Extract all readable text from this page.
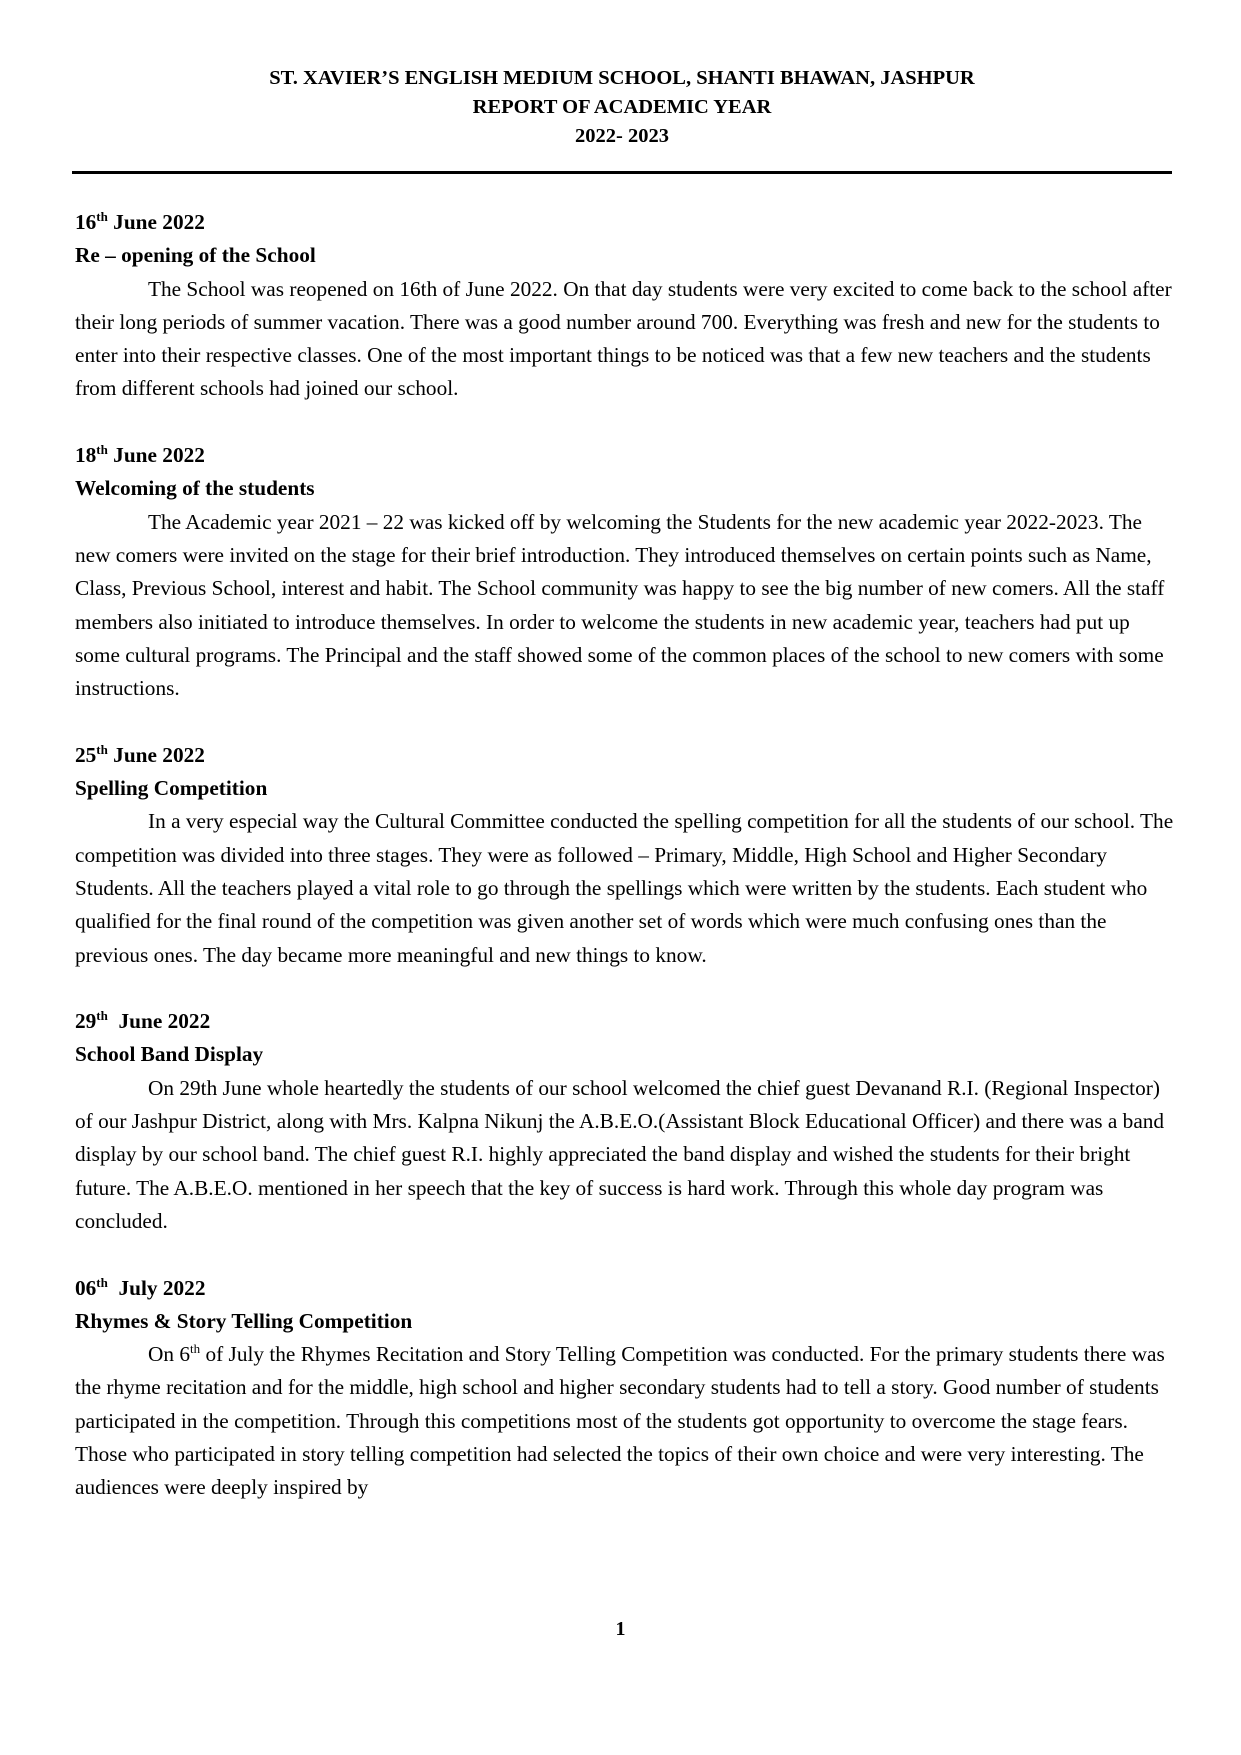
ST. XAVIER’S ENGLISH MEDIUM SCHOOL, SHANTI BHAWAN, JASHPUR
REPORT OF ACADEMIC YEAR
2022- 2023
16th June 2022
Re – opening of the School
The School was reopened on 16th of June 2022. On that day students were very excited to come back to the school after their long periods of summer vacation. There was a good number around 700. Everything was fresh and new for the students to enter into their respective classes. One of the most important things to be noticed was that a few new teachers and the students from different schools had joined our school.
18th June 2022
Welcoming of the students
The Academic year 2021 – 22 was kicked off by welcoming the Students for the new academic year 2022-2023. The new comers were invited on the stage for their brief introduction. They introduced themselves on certain points such as Name, Class, Previous School, interest and habit. The School community was happy to see the big number of new comers. All the staff members also initiated to introduce themselves. In order to welcome the students in new academic year, teachers had put up some cultural programs. The Principal and the staff showed some of the common places of the school to new comers with some instructions.
25th June 2022
Spelling Competition
In a very especial way the Cultural Committee conducted the spelling competition for all the students of our school. The competition was divided into three stages. They were as followed – Primary, Middle, High School and Higher Secondary Students. All the teachers played a vital role to go through the spellings which were written by the students. Each student who qualified for the final round of the competition was given another set of words which were much confusing ones than the previous ones. The day became more meaningful and new things to know.
29th  June 2022
School Band Display
On 29th June whole heartedly the students of our school welcomed the chief guest Devanand R.I. (Regional Inspector) of our Jashpur District, along with Mrs. Kalpna Nikunj the A.B.E.O.(Assistant Block Educational Officer) and there was a band display by our school band. The chief guest R.I. highly appreciated the band display and wished the students for their bright future. The A.B.E.O. mentioned in her speech that the key of success is hard work. Through this whole day program was concluded.
06th  July 2022
Rhymes & Story Telling Competition
On 6th of July the Rhymes Recitation and Story Telling Competition was conducted. For the primary students there was the rhyme recitation and for the middle, high school and higher secondary students had to tell a story. Good number of students participated in the competition. Through this competitions most of the students got opportunity to overcome the stage fears. Those who participated in story telling competition had selected the topics of their own choice and were very interesting. The audiences were deeply inspired by
1
